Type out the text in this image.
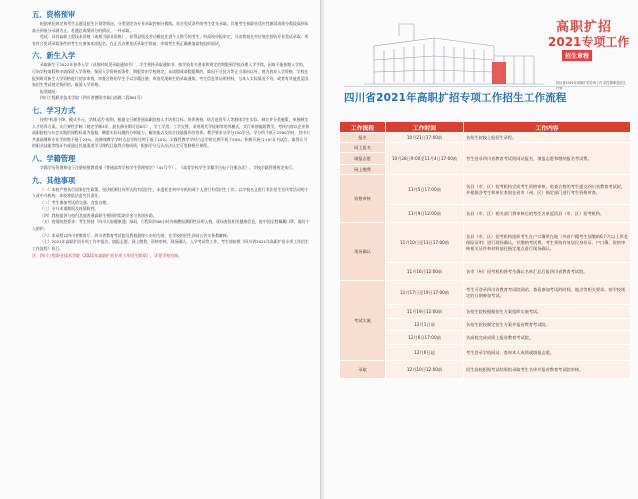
五、资格预审
根据单招规定和考生志愿及招生计划等情况，分类划定各专业录取控制分数线。符合免试条件的考生优先录取，其他考生按职业适应性测试成绩分数段高到从高分到低分录满为止。若遇总成绩同分的情况，一并录取。
免试：具有高职工程技术资格（或相当职业资格），获得县级及劳动模范先进个人称号的考生，经高校申报审定，可由我校在对应规定招收专业免试录取。所有符合免试录取条件的考生应参加本次报名，在正式办理免试录取手续前，申请考生须正确参加高校组织面试。
六、新生入学
录取新生于2022年春季入学（具体时间见录取通知书），学生须持录取通知书，按学校有关要求和规定的期限到学校办理入学手续。因故不能按期入学的，可向学校请假和申请保留入学资格，保留入学资格的条件，期限等由学校规定。未请假或请假超期的，除因不可抗力等正当事由以外，视为放弃入学资格。学校在报到时对新生入学资格进行初步审查，审查合格的学生予以学籍注册，审查发现新生的录取通知，考生信息等证明材料，与本人实际情况不符，或者有其他违反国家招生考试规定情形的，取消入学资格。
报道地址：
四川工程职业技术学院（四川省德阳市泰山南路二段801号）
七、学习方式
按照"标准不降、模式多元，学制灵活"原则，根据全日制普通高职院校人才培养目标、培养规格，结合退役军人等群体学生实际，制订并分类施策，单独制定人才培养方案，实行弹性学制（规定学制3年，最长修业期可达6年），学工学用、工学交替，采用现代学徒制等培养模式，实行单独编班教学，考核内容以企业和高职院校与社会实践的课程标准为依据，侧重实际问题的分析能力。解决能力及综合技能操作的培养。教学要求分学分150学分。学分所不低于2500学时，其中公共基础课和专业学时数不低于25%，选修课教学学时占总学时比例不低于10%，实践性教学学时占总学时比例不低于50%，积极开展"1+X"证书试点，取得认可的职业技能等级证书或通过其他渠道学习课程且取得合格成绩，根据学分互认办法认定可免修相应课程。
八、学籍管理
学籍学历管理和电子注册按照教育部《普通高等学校学生管理规定》（41号令），《高等学校学生学籍学历电子注册办法》，学校学籍管理规定执行。
九、其他事项
（一）本校严格执行国家招生政策，坚决抵制任何形式的有偿招生，未委托任何中介机构或个人进行有偿招生工作。以学校名义进行非法招生宣传等活动的个人或中介机构，本校将依法追究其责任。
（二）考生参加考试的交通、食宿自理。
（三）专升本请期间及疫情防控。
（四）我校提供与校内其他普通高职生相同的奖助学金与贫困补助。
（五）疫情防控要求：考生须持「四川天府健康通」绿码，行程码和48小时内核酸检测阴性证明入校，现场查验相关健康信息，进中国全程佩戴口罩，做好个人防护。
（六）本章程以四川省教育厅、四川省教育考试院及我校最终公布的为准，在学校的招生网站公告实务教解释。
（七）2021年高职扩招专项工作中报名、填报志愿、网上缴费、资格审核、现场确认、入学考试等工作，考生请按照《四川省2021年高职扩招专项工作招生工作流程》执行。
注：四川工程职业技术学院《2021年高职扩招专项工作招生简章》，详见学校官网。
高职扩招
2021专项工作
招生章程
四川省2021年高职扩招专项工作 招生简章及招生计划
四川省2021年高职扩招专项工作招生工作流程
工作流程	工作时间	工作内容
报名	10月21日17:00前	各招生院校上报招生章程。
网上报名	10月28日9:00至11月4日17:00前	考生登录四川省教育考试院网站报名，填报志愿和缴纳报名考试费。
填报志愿		
网上缴费		
资格审核	11月5日17:00前	各县（市、区）招考机构完成考生资格审核，审查合格的考生提交四川省教育考试院，并根据各考生和单位类别在省市（州、区）指定部门进行考生资格审查。
	11月9日12:00前	各县（市、区）相关部门将审核后的考生名单返回县（市、区）招考机构。
现场确认	11月10日至13日17:00前	各县（市、区）招考机构组织考生在户口簿所在地（外省户籍考生须缴纳6个月以上养老保险证明）进行现场确认，并缴纳考试费。考生须持有效居民身份证、户口簿、资格审核相关证件和材料前往指定地点进行现场确认。
	11月16日12:00前	各市（州）招考机构将考生确认名单汇总后报四川省教育考试院。
考试实施	11月17日至19日17:00前	考生可登录四川省教育考试院网站，查看参加考试的时间、地点等相关要求。按学校规定的日期参加考试。
	11月19日12:00前	各招生院校根据招生方案组织实施考试。
	12月1日前	各招生院校制定招生方案并报省教育考试院。
	12月6日17:00前	各高校完成成绩上报省教育考试院。
	12月6日起	考生登录学校网站，查询本人成绩或填报志愿。
录取	12月10日12:00前	招生高校根据考试结果拟录取考生名单并报省教育考试院审核。
